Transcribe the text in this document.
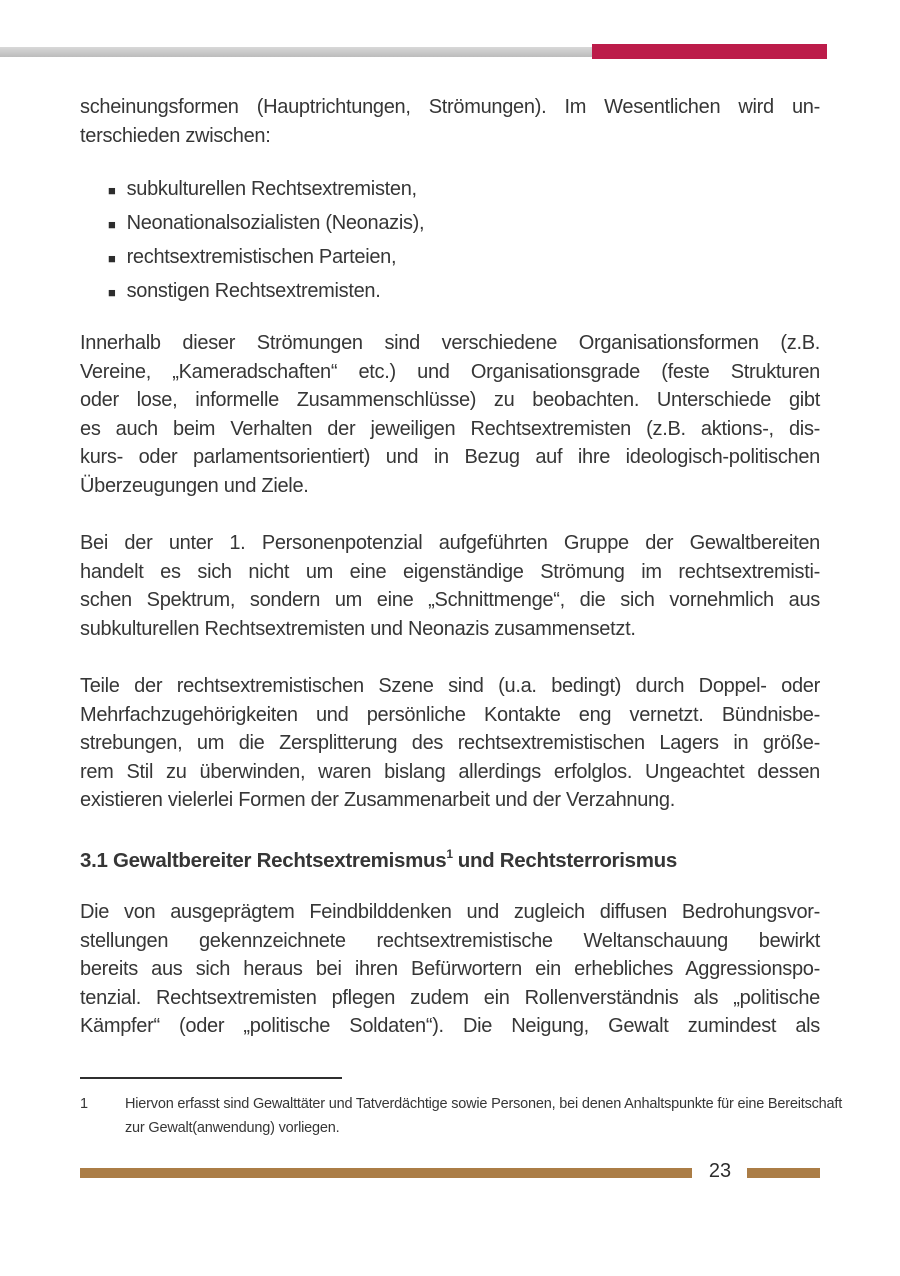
scheinungsformen (Hauptrichtungen, Strömungen). Im Wesentlichen wird un-
terschieden zwischen:
■ subkulturellen Rechtsextremisten,
■ Neonationalsozialisten (Neonazis),
■ rechtsextremistischen Parteien,
■ sonstigen Rechtsextremisten.
Innerhalb dieser Strömungen sind verschiedene Organisationsformen (z.B.
Vereine, „Kameradschaften“ etc.) und Organisationsgrade (feste Strukturen
oder lose, informelle Zusammenschlüsse) zu beobachten. Unterschiede gibt
es auch beim Verhalten der jeweiligen Rechtsextremisten (z.B. aktions-, dis-
kurs- oder parlamentsorientiert) und in Bezug auf ihre ideologisch-politischen
Überzeugungen und Ziele.
Bei der unter 1. Personenpotenzial aufgeführten Gruppe der Gewaltbereiten
handelt es sich nicht um eine eigenständige Strömung im rechtsextremisti-
schen Spektrum, sondern um eine „Schnittmenge“, die sich vornehmlich aus
subkulturellen Rechtsextremisten und Neonazis zusammensetzt.
Teile der rechtsextremistischen Szene sind (u.a. bedingt) durch Doppel- oder
Mehrfachzugehörigkeiten und persönliche Kontakte eng vernetzt. Bündnisbe-
strebungen, um die Zersplitterung des rechtsextremistischen Lagers in größe-
rem Stil zu überwinden, waren bislang allerdings erfolglos. Ungeachtet dessen
existieren vielerlei Formen der Zusammenarbeit und der Verzahnung.
3.1 Gewaltbereiter Rechtsextremismus$^1$ und Rechtsterrorismus
Die von ausgeprägtem Feindbilddenken und zugleich diffusen Bedrohungsvor-
stellungen gekennzeichnete rechtsextremistische Weltanschauung bewirkt
bereits aus sich heraus bei ihren Befürwortern ein erhebliches Aggressionspo-
tenzial. Rechtsextremisten pflegen zudem ein Rollenverständnis als „politische
Kämpfer“ (oder „politische Soldaten“). Die Neigung, Gewalt zumindest als
1	Hiervon erfasst sind Gewalttäter und Tatverdächtige sowie Personen, bei denen Anhaltspunkte für eine Bereitschaft
zur Gewalt(anwendung) vorliegen.
23
